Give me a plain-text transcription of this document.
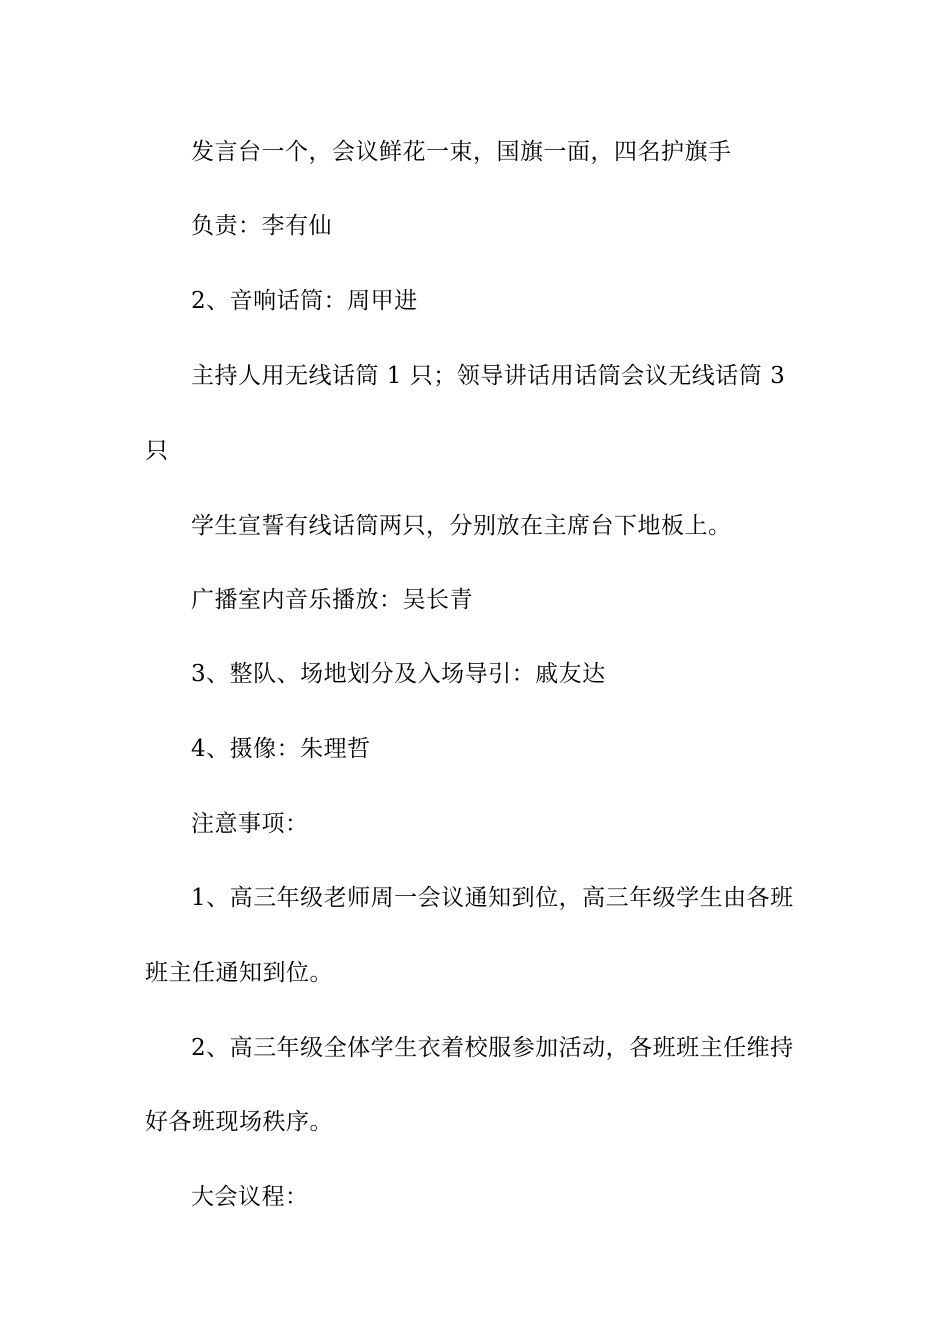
发言台一个，会议鲜花一束，国旗一面，四名护旗手
负责：李有仙
2、音响话筒：周甲进
主持人用无线话筒 1 只；领导讲话用话筒会议无线话筒 3
只
学生宣誓有线话筒两只，分别放在主席台下地板上。
广播室内音乐播放：吴长青
3、整队、场地划分及入场导引：戚友达
4、摄像：朱理哲
注意事项：
1、高三年级老师周一会议通知到位，高三年级学生由各班
班主任通知到位。
2、高三年级全体学生衣着校服参加活动，各班班主任维持
好各班现场秩序。
大会议程：
